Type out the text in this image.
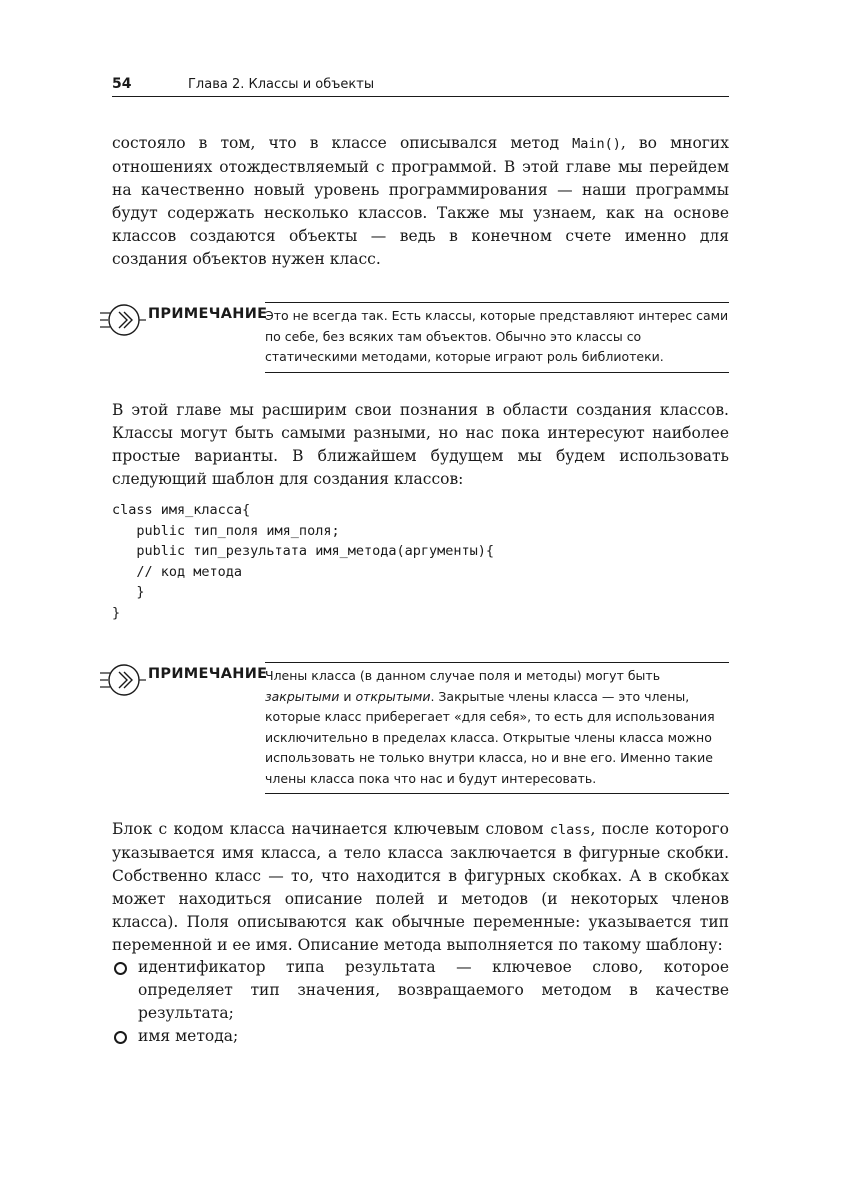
54	Глава 2. Классы и объекты

состояло в том, что в классе описывался метод Main(), во многих отношениях отождествляемый с программой. В этой главе мы перейдем на качественно новый уровень программирования — наши программы будут содержать несколько классов. Также мы узнаем, как на основе классов создаются объекты — ведь в конечном счете именно для создания объектов нужен класс.

ПРИМЕЧАНИЕ

Это не всегда так. Есть классы, которые представляют интерес сами по себе, без всяких там объектов. Обычно это классы со статическими методами, которые играют роль библиотеки.

В этой главе мы расширим свои познания в области создания классов. Классы могут быть самыми разными, но нас пока интересуют наиболее простые варианты. В ближайшем будущем мы будем использовать следующий шаблон для создания классов:

class имя_класса{
public тип_поля имя_поля;
public тип_результата имя_метода(аргументы){
// код метода
}
}
ПРИМЕЧАНИЕ

Члены класса (в данном случае поля и методы) могут быть закрытыми и открытыми. Закрытые члены класса — это члены, которые класс приберегает «для себя», то есть для использования исключительно в пределах класса. Открытые члены класса можно использовать не только внутри класса, но и вне его. Именно такие члены класса пока что нас и будут интересовать.

Блок с кодом класса начинается ключевым словом class, после которого указывается имя класса, а тело класса заключается в фигурные скобки. Собственно класс — то, что находится в фигурных скобках. А в скобках может находиться описание полей и методов (и некоторых членов класса). Поля описываются как обычные переменные: указывается тип переменной и ее имя. Описание метода выполняется по такому шаблону:

идентификатор типа результата — ключевое слово, которое определяет тип значения, возвращаемого методом в качестве результата;
имя метода;
